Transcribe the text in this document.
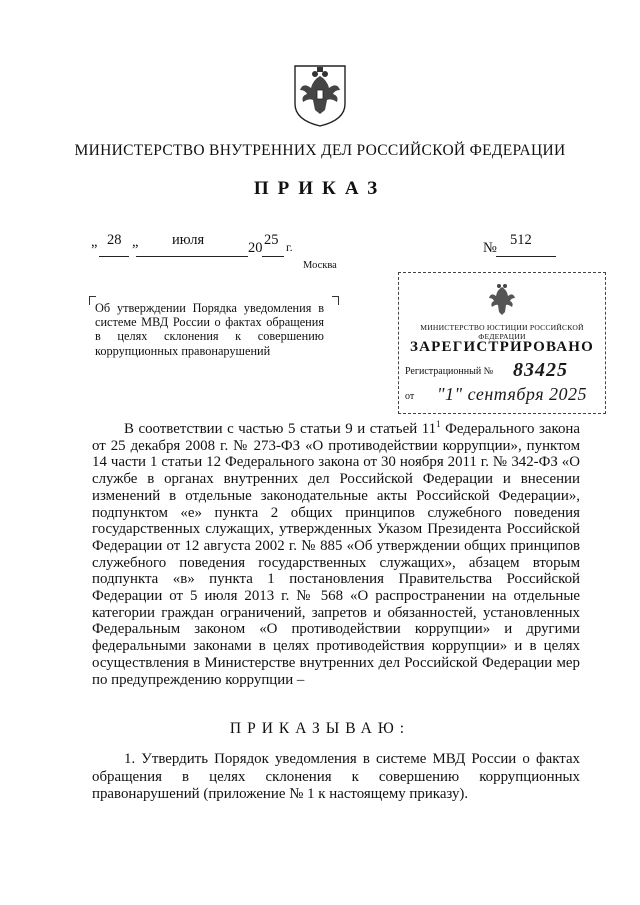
МИНИСТЕРСТВО ВНУТРЕННИХ ДЕЛ РОССИЙСКОЙ ФЕДЕРАЦИИ
ПРИКАЗ
„ 28 „ июля	20 25 г.	№ 512
Москва
Об утверждении Порядка уведомления в системе МВД России о фактах обращения в целях склонения к совершению коррупционных правонарушений
МИНИСТЕРСТВО ЮСТИЦИИ РОССИЙСКОЙ ФЕДЕРАЦИИ
ЗАРЕГИСТРИРОВАНО
Регистрационный № 83425
от "1" сентября 2025

В соответствии с частью 5 статьи 9 и статьей $11^1$ Федерального закона от 25 декабря 2008 г. № 273-ФЗ «О противодействии коррупции», пунктом 14 части 1 статьи 12 Федерального закона от 30 ноября 2011 г. № 342-ФЗ «О службе в органах внутренних дел Российской Федерации и внесении изменений в отдельные законодательные акты Российской Федерации», подпунктом «е» пункта 2 общих принципов служебного поведения государственных служащих, утвержденных Указом Президента Российской Федерации от 12 августа 2002 г. № 885 «Об утверждении общих принципов служебного поведения государственных служащих», абзацем вторым подпункта «в» пункта 1 постановления Правительства Российской Федерации от 5 июля 2013 г. № 568 «О распространении на отдельные категории граждан ограничений, запретов и обязанностей, установленных Федеральным законом «О противодействии коррупции» и другими федеральными законами в целях противодействия коррупции» и в целях осуществления в Министерстве внутренних дел Российской Федерации мер по предупреждению коррупции –

ПРИКАЗЫВАЮ:

1. Утвердить Порядок уведомления в системе МВД России о фактах обращения в целях склонения к совершению коррупционных правонарушений (приложение № 1 к настоящему приказу).
